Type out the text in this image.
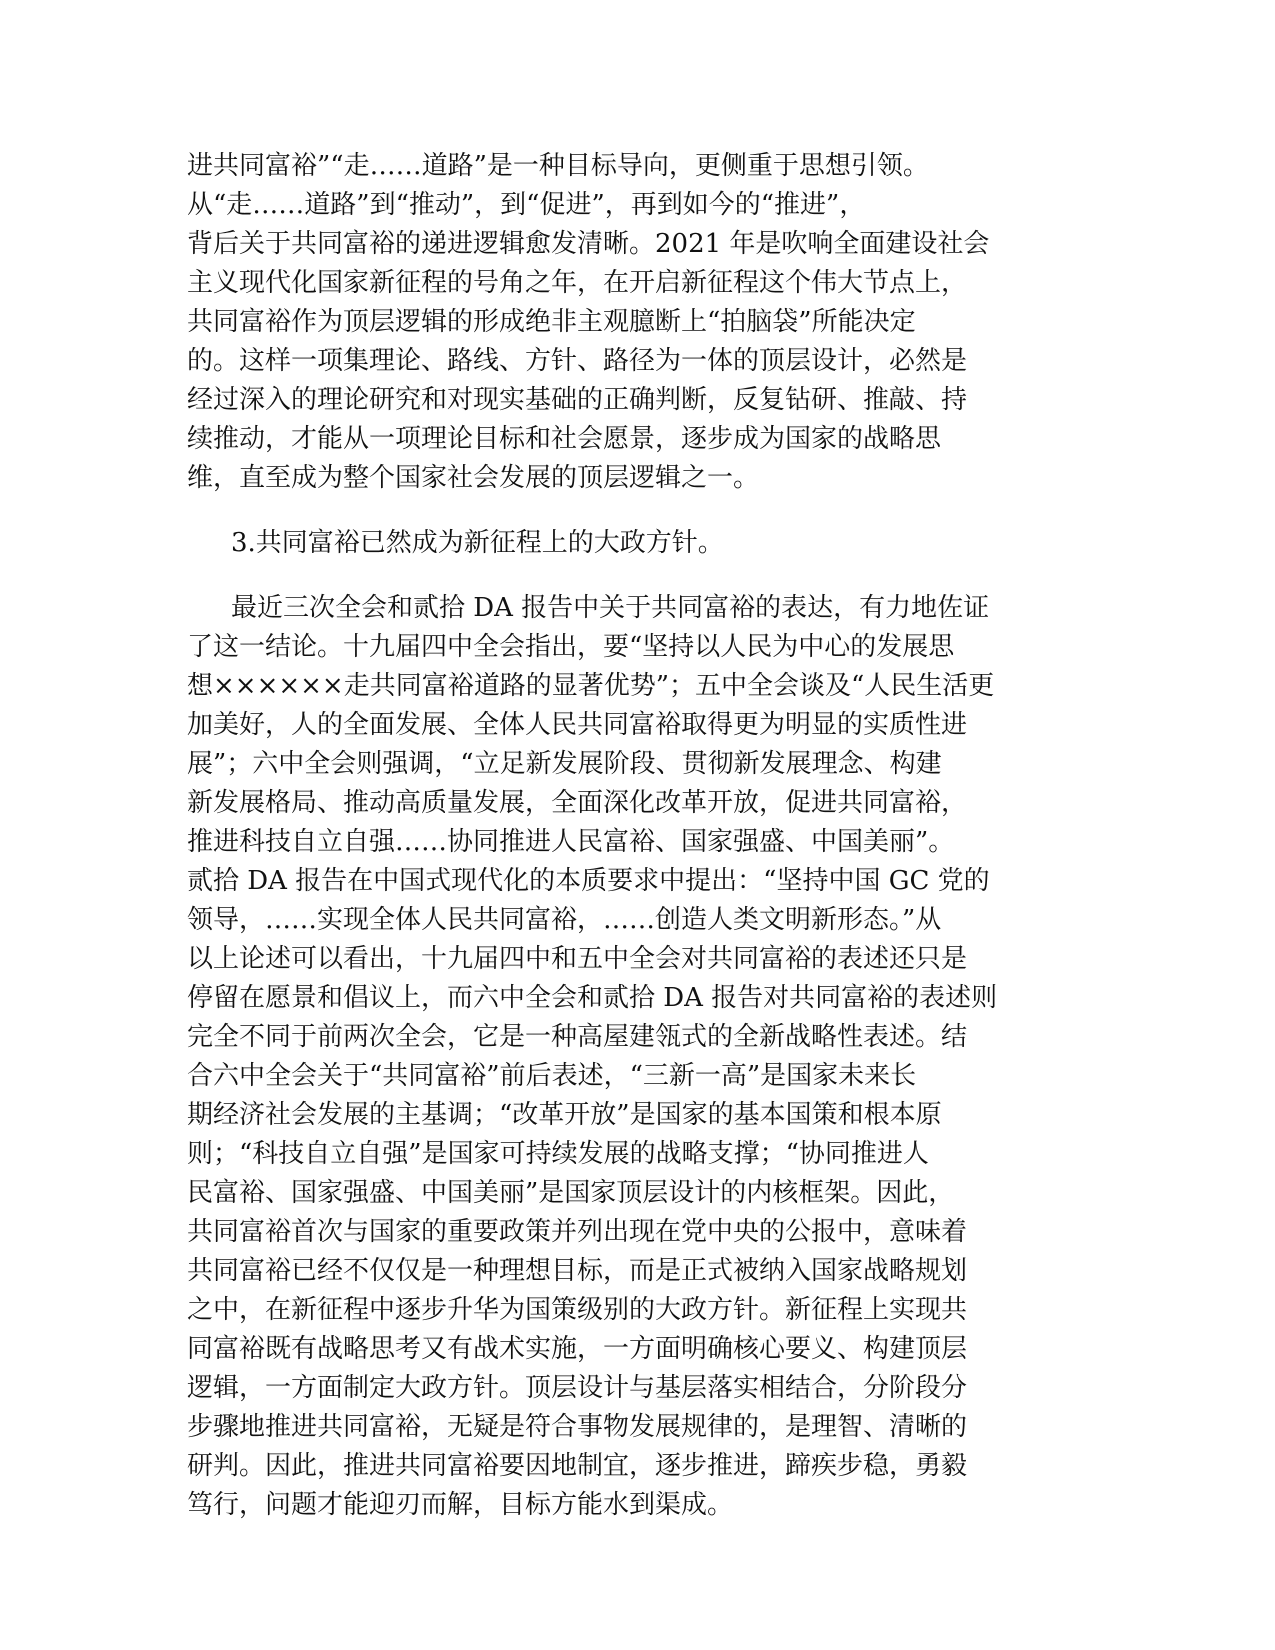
进共同富裕”“走……道路”是一种目标导向，更侧重于思想引领。
从“走……道路”到“推动”，到“促进”，再到如今的“推进”，
背后关于共同富裕的递进逻辑愈发清晰。2021 年是吹响全面建设社会
主义现代化国家新征程的号角之年，在开启新征程这个伟大节点上，
共同富裕作为顶层逻辑的形成绝非主观臆断上“拍脑袋”所能决定
的。这样一项集理论、路线、方针、路径为一体的顶层设计，必然是
经过深入的理论研究和对现实基础的正确判断，反复钻研、推敲、持
续推动，才能从一项理论目标和社会愿景，逐步成为国家的战略思
维，直至成为整个国家社会发展的顶层逻辑之一。

3.共同富裕已然成为新征程上的大政方针。

最近三次全会和贰拾 DA 报告中关于共同富裕的表达，有力地佐证
了这一结论。十九届四中全会指出，要“坚持以人民为中心的发展思
想××××××走共同富裕道路的显著优势”；五中全会谈及“人民生活更
加美好，人的全面发展、全体人民共同富裕取得更为明显的实质性进
展”；六中全会则强调，“立足新发展阶段、贯彻新发展理念、构建
新发展格局、推动高质量发展，全面深化改革开放，促进共同富裕，
推进科技自立自强……协同推进人民富裕、国家强盛、中国美丽”。
贰拾 DA 报告在中国式现代化的本质要求中提出：“坚持中国 GC 党的
领导，……实现全体人民共同富裕，……创造人类文明新形态。”从
以上论述可以看出，十九届四中和五中全会对共同富裕的表述还只是
停留在愿景和倡议上，而六中全会和贰拾 DA 报告对共同富裕的表述则
完全不同于前两次全会，它是一种高屋建瓴式的全新战略性表述。结
合六中全会关于“共同富裕”前后表述，“三新一高”是国家未来长
期经济社会发展的主基调；“改革开放”是国家的基本国策和根本原
则；“科技自立自强”是国家可持续发展的战略支撑；“协同推进人
民富裕、国家强盛、中国美丽”是国家顶层设计的内核框架。因此，
共同富裕首次与国家的重要政策并列出现在党中央的公报中，意味着
共同富裕已经不仅仅是一种理想目标，而是正式被纳入国家战略规划
之中，在新征程中逐步升华为国策级别的大政方针。新征程上实现共
同富裕既有战略思考又有战术实施，一方面明确核心要义、构建顶层
逻辑，一方面制定大政方针。顶层设计与基层落实相结合，分阶段分
步骤地推进共同富裕，无疑是符合事物发展规律的，是理智、清晰的
研判。因此，推进共同富裕要因地制宜，逐步推进，蹄疾步稳，勇毅
笃行，问题才能迎刃而解，目标方能水到渠成。
